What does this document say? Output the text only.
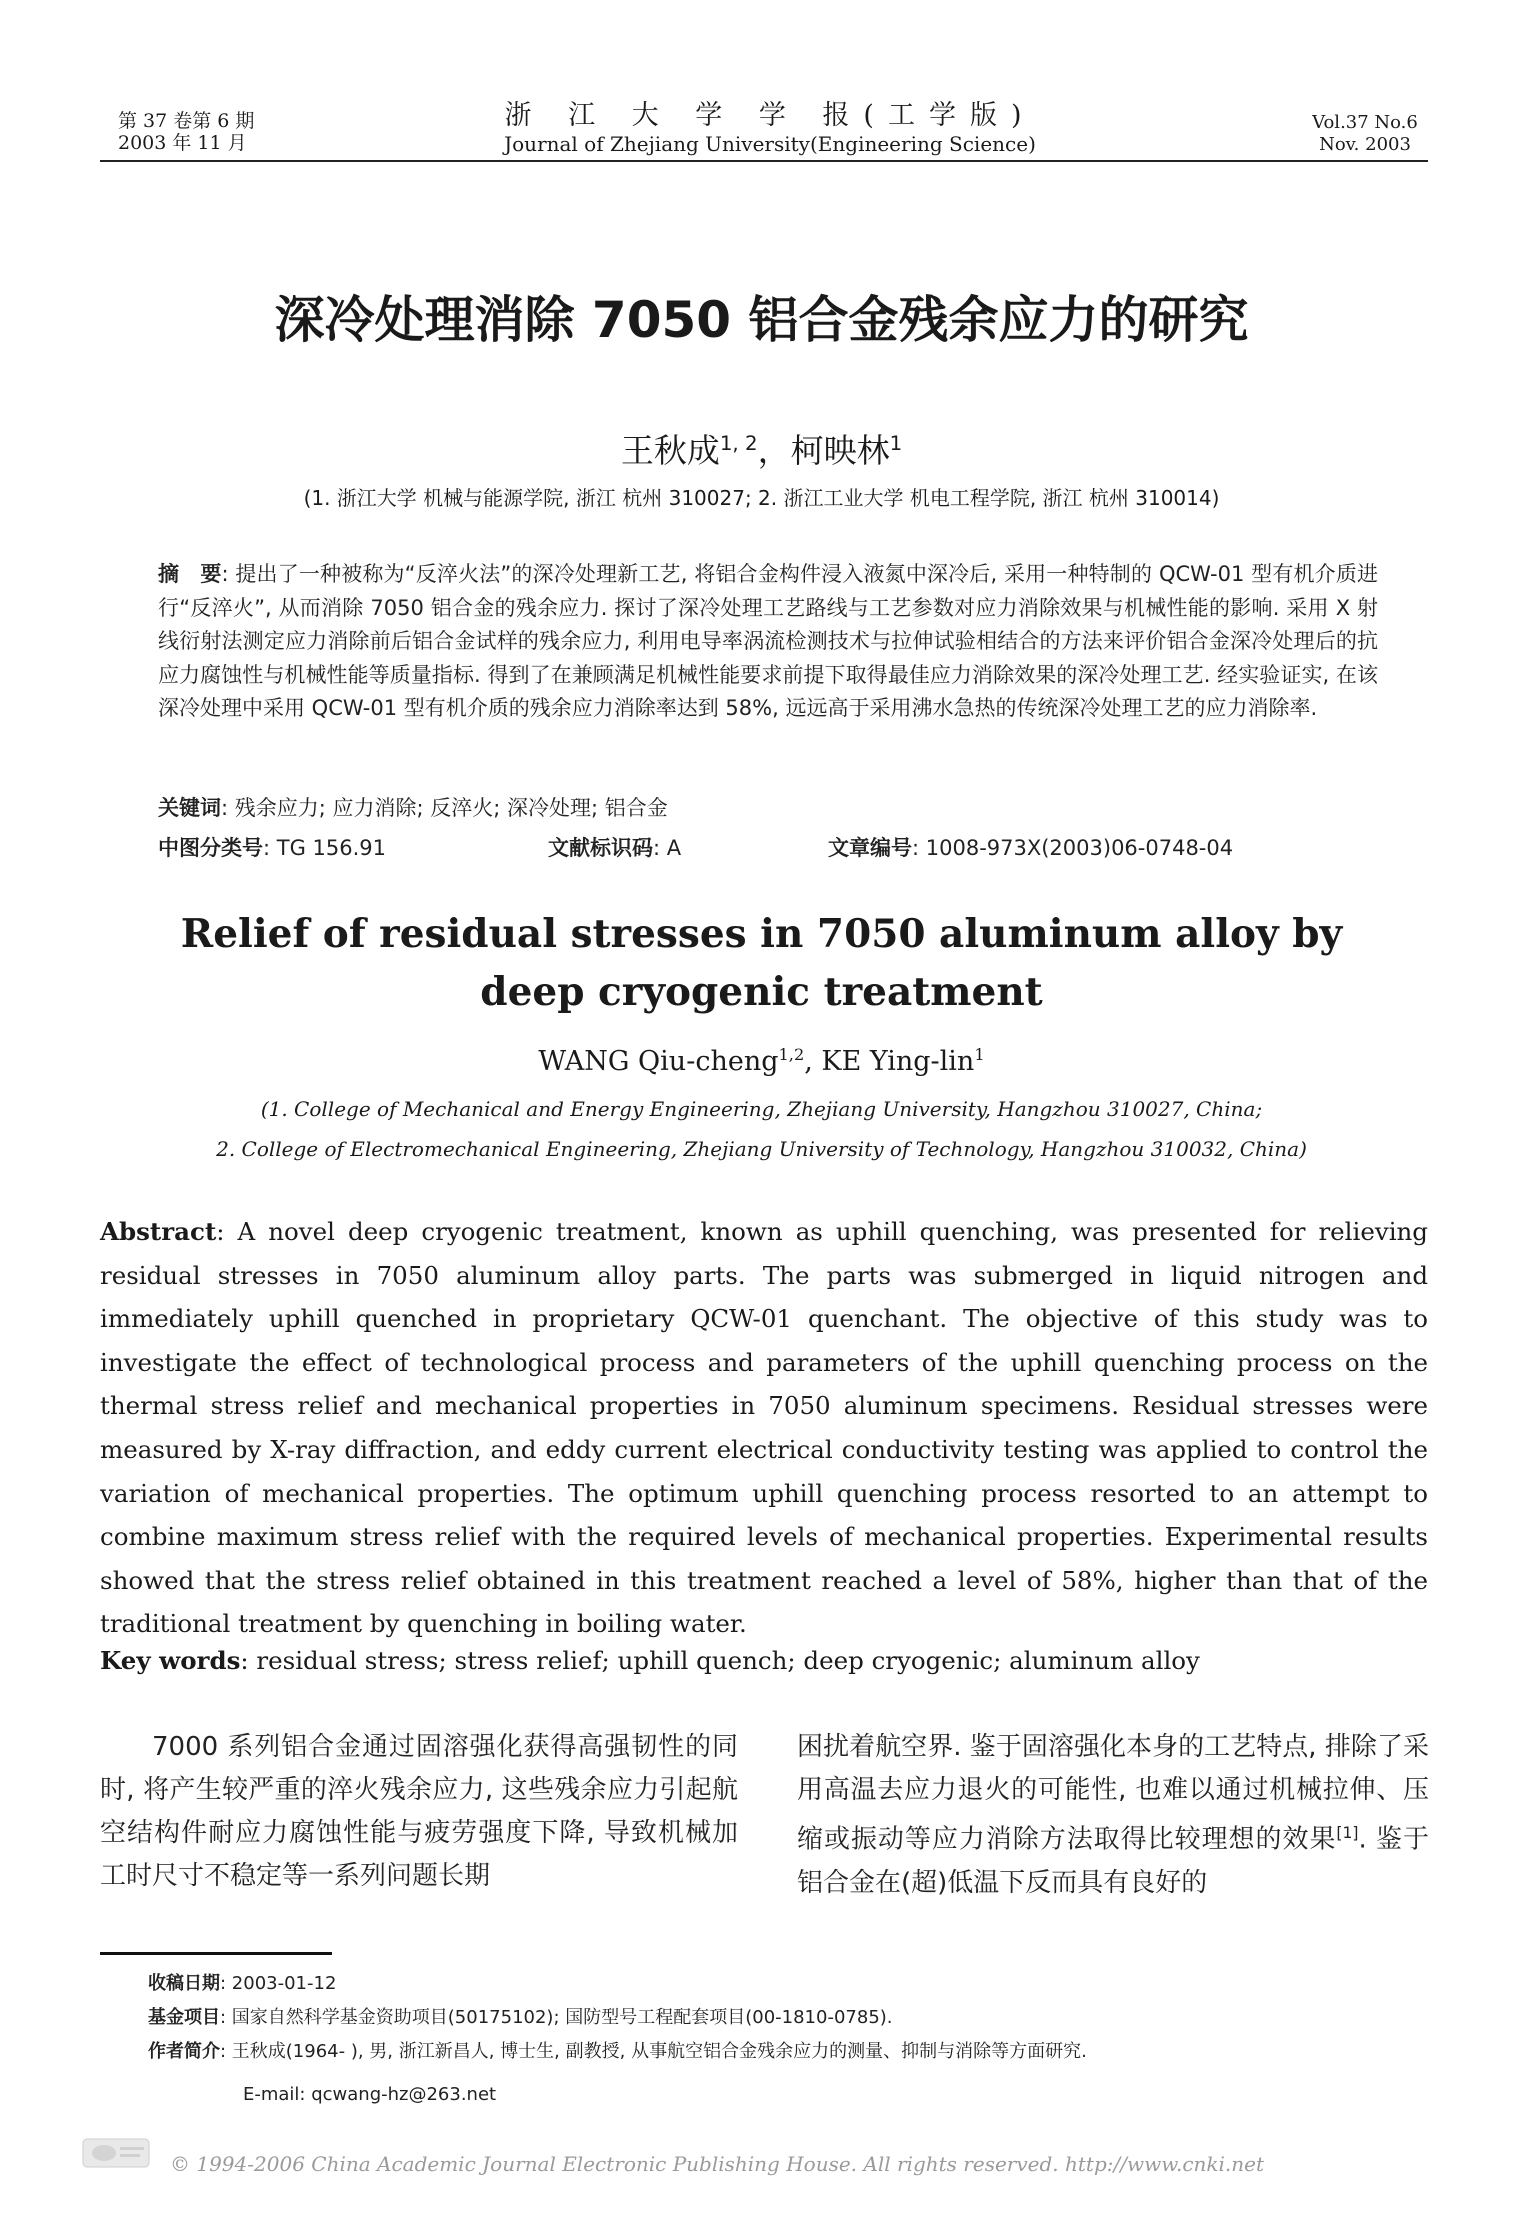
第 37 卷第 6 期
2003 年 11 月
浙 江 大 学 学 报(工学版)
Journal of Zhejiang University(Engineering Science)
Vol.37 No.6
Nov. 2003
深冷处理消除 7050 铝合金残余应力的研究
王秋成$^{1, 2}$，柯映林$^1$
(1. 浙江大学 机械与能源学院, 浙江 杭州 310027; 2. 浙江工业大学 机电工程学院, 浙江 杭州 310014)
摘　要: 提出了一种被称为“反淬火法”的深冷处理新工艺, 将铝合金构件浸入液氮中深冷后, 采用一种特制的 QCW-01 型有机介质进行“反淬火”, 从而消除 7050 铝合金的残余应力. 探讨了深冷处理工艺路线与工艺参数对应力消除效果与机械性能的影响. 采用 X 射线衍射法测定应力消除前后铝合金试样的残余应力, 利用电导率涡流检测技术与拉伸试验相结合的方法来评价铝合金深冷处理后的抗应力腐蚀性与机械性能等质量指标. 得到了在兼顾满足机械性能要求前提下取得最佳应力消除效果的深冷处理工艺. 经实验证实, 在该深冷处理中采用 QCW-01 型有机介质的残余应力消除率达到 58%, 远远高于采用沸水急热的传统深冷处理工艺的应力消除率.
关键词: 残余应力; 应力消除; 反淬火; 深冷处理; 铝合金
中图分类号: TG 156.91	文献标识码: A	文章编号: 1008-973X(2003)06-0748-04
Relief of residual stresses in 7050 aluminum alloy by
deep cryogenic treatment
WANG Qiu-cheng$^{1,2}$, KE Ying-lin$^1$
(1. College of Mechanical and Energy Engineering, Zhejiang University, Hangzhou 310027, China;
2. College of Electromechanical Engineering, Zhejiang University of Technology, Hangzhou 310032, China)
Abstract: A novel deep cryogenic treatment, known as uphill quenching, was presented for relieving residual stresses in 7050 aluminum alloy parts. The parts was submerged in liquid nitrogen and immediately uphill quenched in proprietary QCW-01 quenchant. The objective of this study was to investigate the effect of technological process and parameters of the uphill quenching process on the thermal stress relief and mechanical properties in 7050 aluminum specimens. Residual stresses were measured by X-ray diffraction, and eddy current electrical conductivity testing was applied to control the variation of mechanical properties. The optimum uphill quenching process resorted to an attempt to combine maximum stress relief with the required levels of mechanical properties. Experimental results showed that the stress relief obtained in this treatment reached a level of 58%, higher than that of the traditional treatment by quenching in boiling water.
Key words: residual stress; stress relief; uphill quench; deep cryogenic; aluminum alloy
7000 系列铝合金通过固溶强化获得高强韧性的同时, 将产生较严重的淬火残余应力, 这些残余应力引起航空结构件耐应力腐蚀性能与疲劳强度下降, 导致机械加工时尺寸不稳定等一系列问题长期
困扰着航空界. 鉴于固溶强化本身的工艺特点, 排除了采用高温去应力退火的可能性, 也难以通过机械拉伸、压缩或振动等应力消除方法取得比较理想的效果[1]. 鉴于铝合金在(超)低温下反而具有良好的
收稿日期: 2003-01-12
基金项目: 国家自然科学基金资助项目(50175102); 国防型号工程配套项目(00-1810-0785).
作者简介: 王秋成(1964- ), 男, 浙江新昌人, 博士生, 副教授, 从事航空铝合金残余应力的测量、抑制与消除等方面研究.
E-mail: qcwang-hz@263.net
© 1994-2006 China Academic Journal Electronic Publishing House. All rights reserved. http://www.cnki.net
